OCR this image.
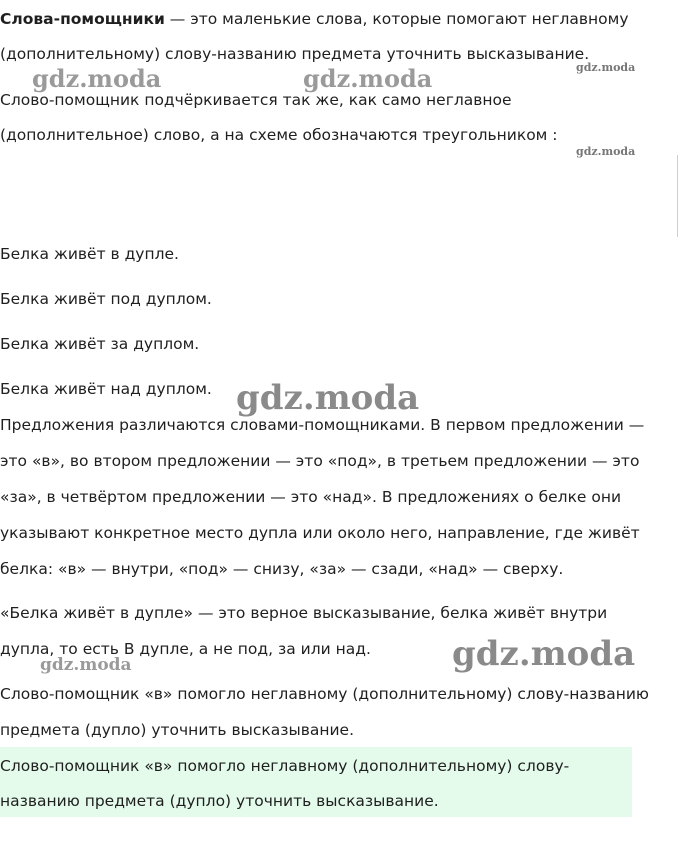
Слова-помощники — это маленькие слова, которые помогают неглавному

(дополнительному) слову-названию предмета уточнить высказывание.

Слово-помощник подчёркивается так же, как само неглавное

(дополнительное) слово, а на схеме обозначаются треугольником :

Белка живёт в дупле.

Белка живёт под дуплом.

Белка живёт за дуплом.

Белка живёт над дуплом.

Предложения различаются словами-помощниками. В первом предложении —

это «в», во втором предложении — это «под», в третьем предложении — это

«за», в четвёртом предложении — это «над». В предложениях о белке они

указывают конкретное место дупла или около него, направление, где живёт

белка: «в» — внутри, «под» — снизу, «за» — сзади, «над» — сверху.

«Белка живёт в дупле» — это верное высказывание, белка живёт внутри

дупла, то есть В дупле, а не под, за или над.

Слово-помощник «в» помогло неглавному (дополнительному) слову-названию

предмета (дупло) уточнить высказывание.

Слово-помощник «в» помогло неглавному (дополнительному) слову-

названию предмета (дупло) уточнить высказывание.

gdz.moda	gdz.moda	gdz.moda
gdz.moda
gdz.moda
gdz.moda
gdz.moda
